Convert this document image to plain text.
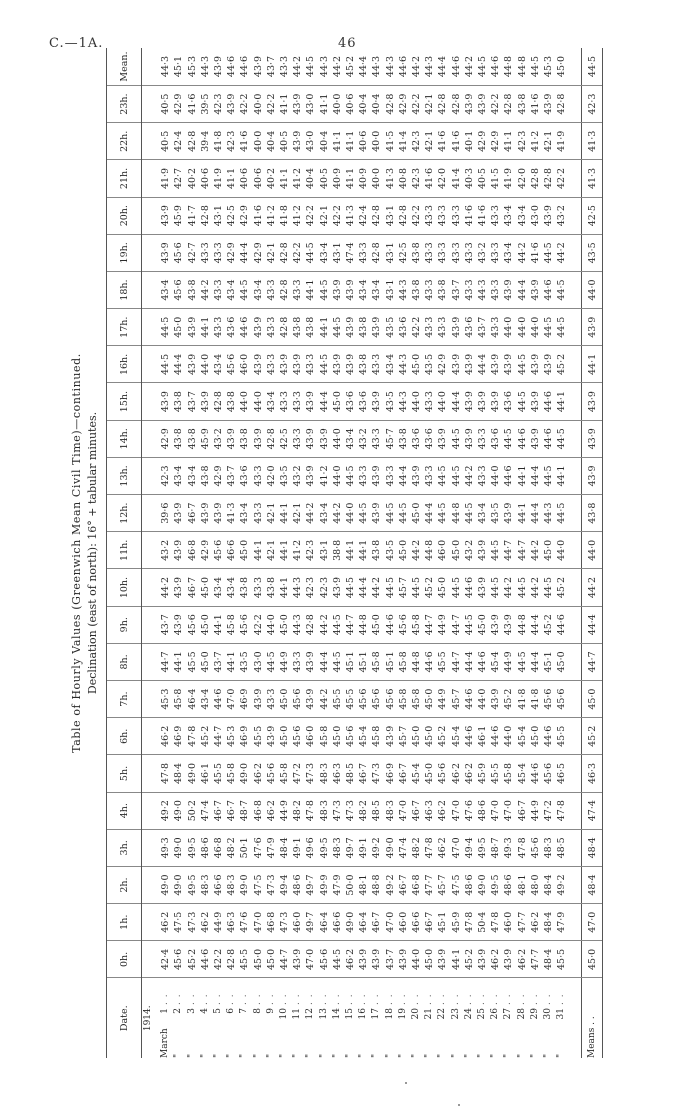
C.—1A.	46
Table of Hourly Values (Greenwich Mean Civil Time)—continued. Declination (east of north): 16° + tabular minutes.
Date.	0h.	1h.	2h.	3h.	4h.	5h.	6h.	7h.	8h.	9h.	10h.	11h.	12h.	13h.	14h.	15h.	16h.	17h.	18h.	19h.	20h.	21h.	22h.	23h.	Mean.

1914.																									

March1. .	42·4	46·2	49·0	49·3	49·2	47·8	46·2	45·3	44·7	43·7	44·2	43·2	39·6	42·3	42·9	43·9	44·5	44·5	43·4	43·9	43·9	41·9	40·5	40·5	44·3
"2. .	45·6	47·5	49·0	49·0	49·0	48·4	46·9	45·8	44·1	43·9	43·9	43·9	43·9	43·4	43·8	43·8	44·4	45·0	45·6	45·6	45·9	42·7	42·4	42·9	45·1
"3. .	45·2	47·3	49·5	49·5	50·2	49·0	47·8	46·4	45·5	45·6	46·7	46·8	46·7	43·4	43·8	43·7	43·9	43·9	43·8	42·7	41·7	40·2	42·8	41·6	45·3
"4. .	44·6	46·2	48·3	48·6	47·4	46·1	45·2	43·4	45·0	45·0	45·0	42·9	43·9	43·8	45·9	43·9	44·0	44·1	44·2	43·3	42·8	40·6	39·4	39·5	44·3
"5. .	42·2	44·9	46·6	46·8	46·7	45·5	44·7	44·6	43·7	44·1	43·4	45·6	43·9	42·9	43·2	42·8	43·4	43·3	43·3	43·3	43·1	41·9	41·8	42·3	43·9
"6. .	42·8	46·3	48·3	48·2	46·7	45·8	45·3	47·0	44·1	45·8	43·4	46·6	41·3	43·7	43·9	43·8	45·6	43·6	43·4	42·9	42·5	41·1	42·3	43·9	44·6
"7. .	45·5	47·6	49·0	50·1	48·7	49·0	46·9	46·9	43·5	45·6	43·8	45·0	43·4	43·6	43·8	44·0	46·0	44·6	44·5	44·4	42·9	40·6	41·6	42·2	44·6
"8. .	45·0	47·0	47·5	47·6	46·8	46·2	45·5	43·9	43·0	42·2	43·3	44·1	43·3	43·3	43·9	44·0	43·9	43·9	43·4	42·9	41·6	40·6	40·0	40·0	43·9
"9. .	45·0	46·8	47·3	47·9	46·2	45·6	43·9	43·3	44·5	44·0	43·8	42·1	42·1	42·0	42·8	43·4	43·3	43·3	43·3	42·1	41·2	40·2	40·4	42·2	43·7
"10. .	44·7	47·3	49·4	48·4	44·9	45·8	45·0	45·0	44·9	45·0	44·1	44·1	44·1	43·5	42·5	43·3	43·9	42·8	42·8	42·8	41·8	41·1	40·5	41·1	43·3
"11. .	43·9	46·0	48·6	49·1	48·2	47·2	45·6	45·6	43·3	44·3	44·3	41·2	42·1	43·2	43·3	43·3	43·9	43·8	43·3	42·2	41·2	41·2	43·9	43·9	44·2
"12. .	47·0	49·7	49·7	49·6	47·8	47·3	46·0	43·9	43·9	42·8	42·3	42·3	44·2	43·9	43·9	43·9	43·3	43·8	44·1	44·5	42·2	40·4	43·0	43·0	44·5
"13. .	45·6	46·4	49·9	49·5	48·3	48·3	45·8	44·2	44·4	44·2	42·3	43·1	43·4	41·2	43·9	44·4	44·5	44·1	44·5	43·4	42·1	40·5	40·4	41·1	44·3
"14. .	44·5	46·6	47·9	48·3	47·3	46·3	45·0	45·5	44·5	44·5	43·9	38·8	44·2	44·0	44·0	45·0	43·9	44·5	43·9	43·1	42·2	40·9	41·1	40·0	44·2
"15. .	46·2	49·0	50·0	49·7	47·3	48·5	45·6	45·5	45·1	44·7	44·5	44·1	44·0	44·5	43·4	43·6	43·9	43·9	43·9	47·4	41·3	41·1	41·1	40·6	45·2
"16. .	43·9	46·4	48·1	49·1	48·2	46·7	45·4	45·6	45·1	44·8	44·4	44·1	44·5	43·3	43·2	43·6	43·8	43·8	43·4	43·3	42·4	40·9	40·6	40·4	44·4
"17. .	43·9	46·7	48·8	49·2	48·5	47·3	45·8	45·6	45·8	45·0	44·2	43·8	43·9	43·9	43·3	43·9	43·3	43·9	43·4	42·8	42·8	40·0	40·0	40·4	44·3
"18. .	43·7	47·0	49·2	49·0	48·3	46·9	43·9	45·6	45·1	44·6	44·5	43·5	44·5	43·3	45·7	43·5	43·4	43·5	43·1	43·1	43·1	41·3	41·5	42·8	44·3
"19. .	43·9	46·0	46·7	47·4	47·0	46·7	45·7	45·8	45·8	45·6	45·7	45·0	44·5	44·4	43·8	44·3	44·3	43·6	44·3	42·5	42·8	40·8	41·4	42·9	44·6
"20. .	44·0	46·6	46·8	48·2	46·7	45·4	45·0	45·8	44·8	45·8	44·5	44·2	45·0	43·9	43·6	44·0	45·0	42·2	43·8	43·8	42·2	42·3	42·3	42·2	44·2
"21. .	45·0	46·7	47·7	47·8	46·3	45·0	45·0	45·0	44·6	44·7	45·2	44·8	44·4	43·3	43·6	43·3	43·5	43·3	43·3	43·3	43·3	41·6	42·1	42·1	44·3
"22. .	43·9	45·1	45·7	46·2	46·2	45·6	45·2	44·9	45·5	44·9	45·0	46·0	44·5	44·5	43·9	44·0	42·9	43·3	43·8	43·3	43·3	42·0	41·6	42·8	44·4
"23. .	44·1	45·9	47·5	47·0	47·0	46·2	45·4	45·7	44·7	44·7	44·5	45·0	44·8	44·5	44·5	44·4	43·9	43·9	43·7	43·3	43·3	41·4	41·6	42·8	44·6
"24. .	45·2	47·8	48·6	49·4	47·6	46·2	44·6	44·6	44·4	44·5	44·6	43·2	44·5	44·2	43·9	43·9	43·9	43·6	43·3	43·3	41·6	40·3	40·1	43·9	44·2
"25. .	43·9	50·4	49·0	49·5	48·6	45·9	46·1	44·0	44·6	45·0	43·9	43·9	43·4	43·3	43·3	43·9	44·4	43·7	44·3	43·2	41·6	40·5	42·9	43·9	44·5
"26. .	46·2	47·8	49·5	48·7	47·0	45·5	44·6	43·9	45·4	43·9	44·5	44·5	43·5	44·0	43·6	43·9	43·9	43·3	43·3	43·3	43·3	41·5	42·9	42·2	44·6
"27. .	43·9	46·0	48·6	49·3	47·0	45·8	44·0	45·2	44·9	43·9	44·2	44·7	43·9	44·6	44·5	43·6	43·9	44·0	43·9	43·4	43·4	41·9	41·1	42·8	44·8
"28. .	46·2	47·7	48·1	47·8	46·7	45·4	45·4	41·8	44·5	44·8	44·5	44·7	44·1	44·1	44·6	44·5	44·5	44·0	44·4	44·2	43·4	42·0	42·3	43·8	44·8
"29. .	47·7	46·2	48·0	45·6	44·9	44·6	45·0	41·8	44·4	44·4	44·2	44·2	44·4	44·4	43·9	43·9	43·9	44·0	43·9	41·6	43·0	42·8	41·2	41·6	44·5
"30. .	48·4	48·4	48·4	48·3	47·2	45·6	44·6	45·6	45·1	45·2	44·5	45·0	44·3	44·5	44·6	44·6	43·9	44·5	44·6	44·5	43·9	42·8	42·1	43·9	45·3
"31. .	45·5	47·9	49·2	48·5	47·8	46·5	45·5	45·6	45·0	44·6	45·2	44·0	44·5	44·1	44·5	44·1	45·2	44·5	44·5	44·2	43·2	42·2	41·9	42·8	45·0

Means . .	45·0	47·0	48·4	48·4	47·4	46·3	45·2	45·0	44·7	44·4	44·2	44·0	43·8	43·9	43·9	43·9	44·1	43·9	44·0	43·5	42·5	41·3	41·3	42·3	44·5
